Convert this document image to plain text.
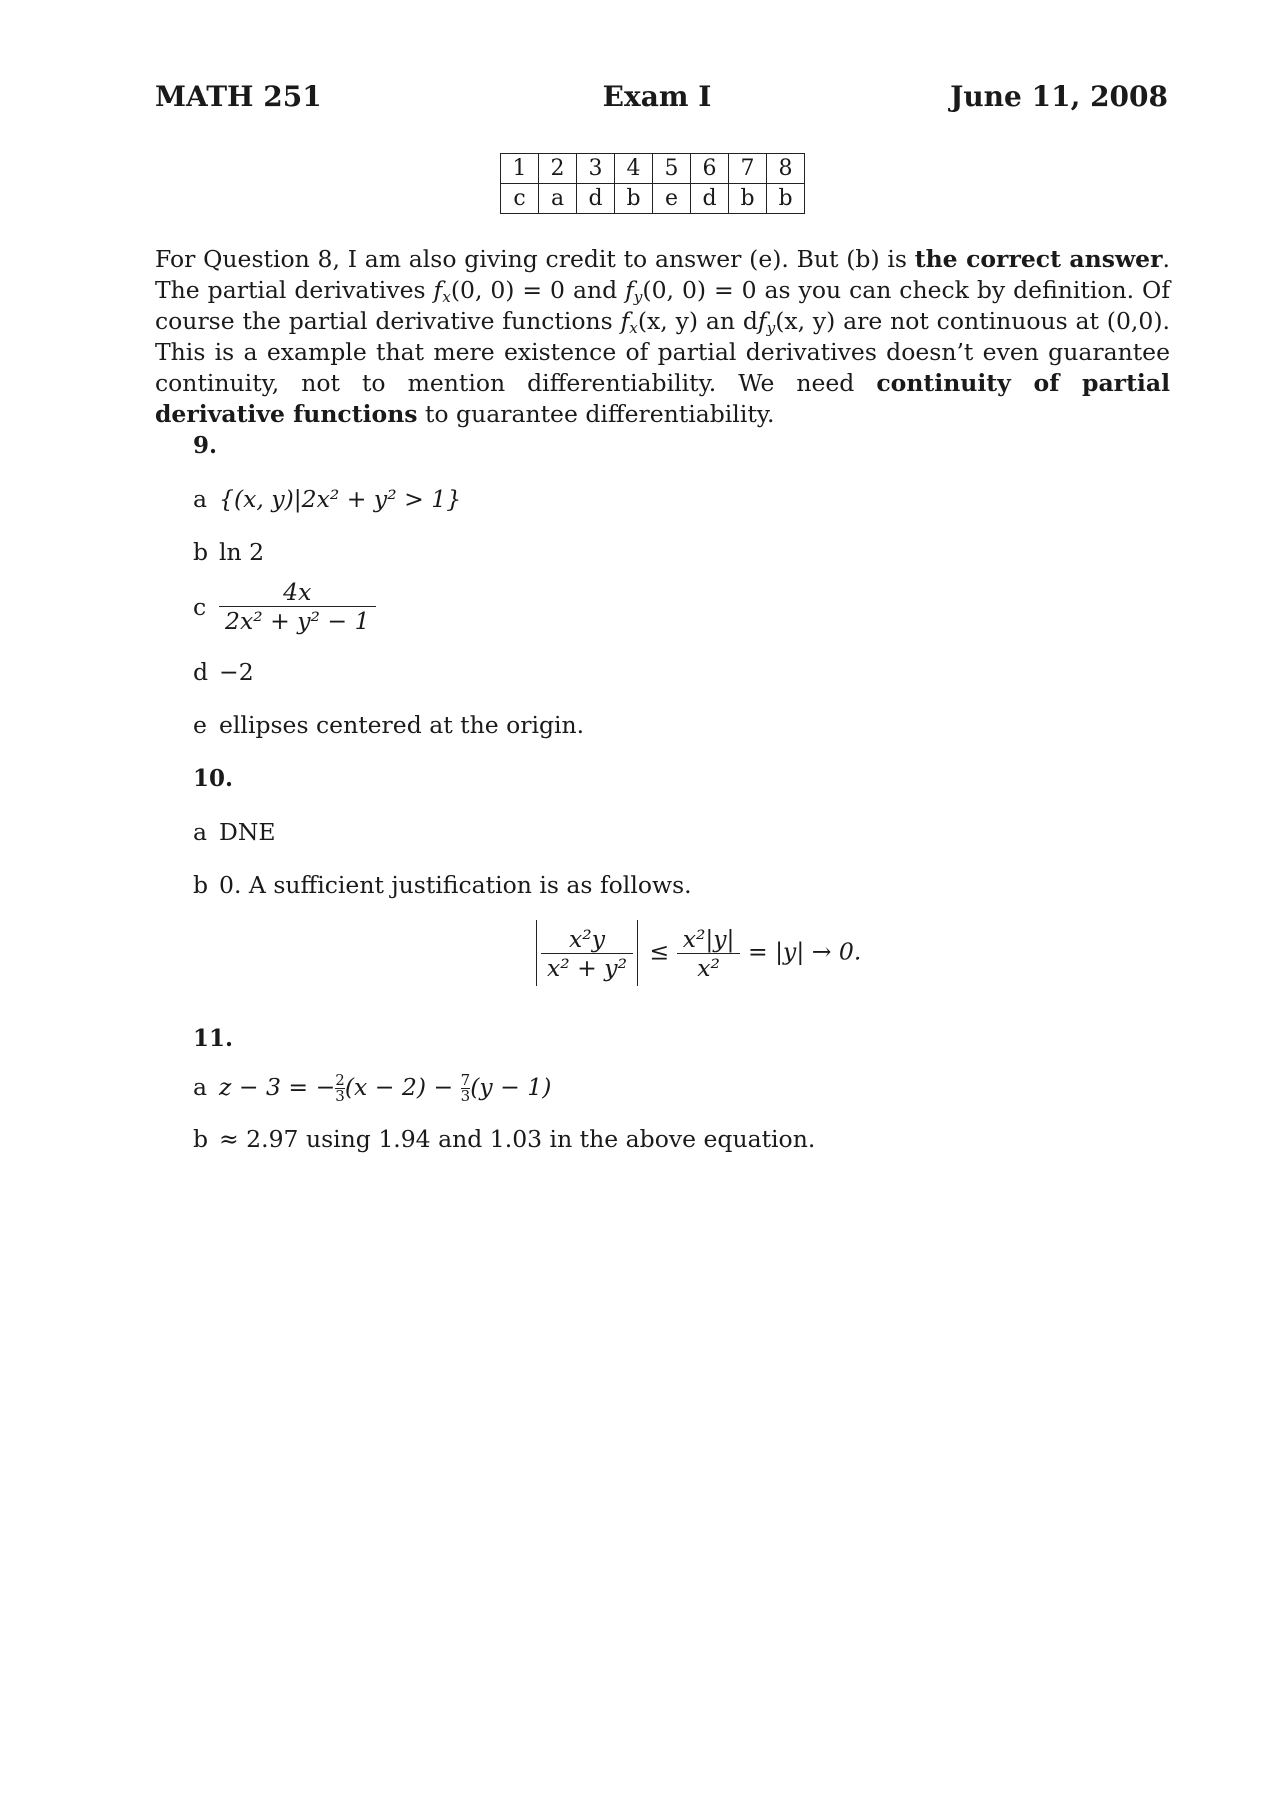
MATH 251	Exam I	June 11, 2008
1	2	3	4	5	6	7	8
c	a	d	b	e	d	b	b
For Question 8, I am also giving credit to answer (e). But (b) is the correct answer. The partial derivatives $f_x(0$, 0) = 0 and $f_y(0$, 0) = 0 as you can check by definition. Of course the partial derivative functions $f_x(x$, y) an $df_y(x$, y) are not continuous at (0,0). This is a example that mere existence of partial derivatives doesn’t even guarantee continuity, not to mention differentiability. We need continuity of partial derivative functions to guarantee differentiability.
9.
a {(x, y)|2x² + y² > 1}
b ln 2
c $\frac{4x}{\text{2x² + y² − 1}}$
d −2
e ellipses centered at the origin.
10.
a DNE
b 0. A sufficient justification is as follows.
$\frac{\text{x²y}}{\text{x² + y²}} \le \frac{\text{x²|y|}}{\text{x²}} = |y| \to 0$.
11.
a z − 3 = − $\frac{2}{3} (x - 2) - \frac{7}{3} (y - 1)$
b ≈ 2.97 using 1.94 and 1.03 in the above equation.
